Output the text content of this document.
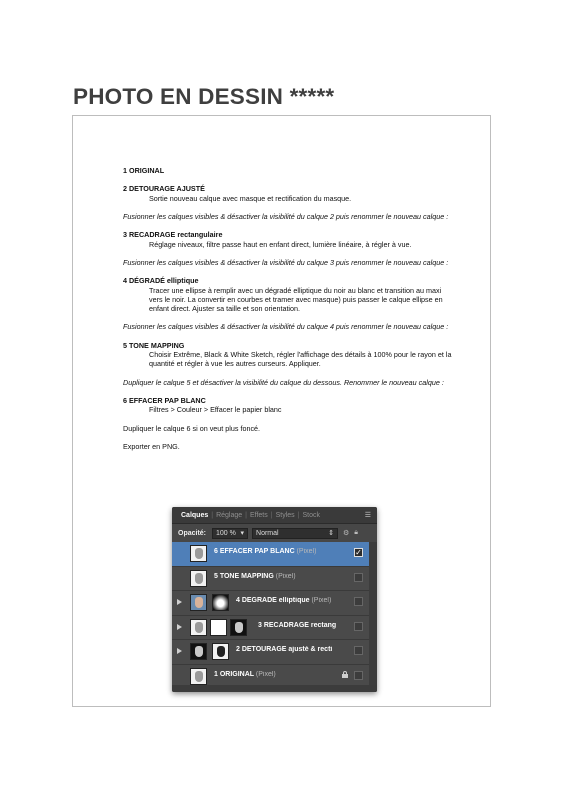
PHOTO EN DESSIN *****

1 ORIGINAL

2 DETOURAGE AJUSTÉ

Sortie nouveau calque avec masque et rectification du masque.

Fusionner les calques visibles & désactiver la visibilité du calque 2 puis renommer le nouveau calque :

3 RECADRAGE rectangulaire

Réglage niveaux, filtre passe haut en enfant direct, lumière linéaire, à régler à vue.

Fusionner les calques visibles & désactiver la visibilité du calque 3 puis renommer le nouveau calque :

4 DÉGRADÉ elliptique

Tracer une ellipse à remplir avec un dégradé elliptique du noir au blanc et transition au maxi vers le noir. La convertir en courbes et tramer avec masque) puis passer le calque ellipse en enfant direct. Ajuster sa taille et son orientation.

Fusionner les calques visibles & désactiver la visibilité du calque 4 puis renommer le nouveau calque :

5 TONE MAPPING

Choisir Extrême, Black & White Sketch, régler l'affichage des détails à 100% pour le rayon et la quantité et régler à vue les autres curseurs. Appliquer.

Dupliquer le calque 5 et désactiver la visibilité du calque du dessous. Renommer le nouveau calque :

6 EFFACER PAP BLANC

Filtres > Couleur > Effacer le papier blanc

Dupliquer le calque 6 si on veut plus foncé.

Exporter en PNG.

Calques | Réglage | Effets | Styles | Stock	☰
Opacité: 100 % ▾ Normal	⇕ ⚙ 🔒︎
6 EFFACER PAP BLANC (Pixel)	✓
5 TONE MAPPING (Pixel)
4 DEGRADE elliptique (Pixel)
3 RECADRAGE rectang
2 DETOURAGE ajusté & recti
1 ORIGINAL (Pixel)
